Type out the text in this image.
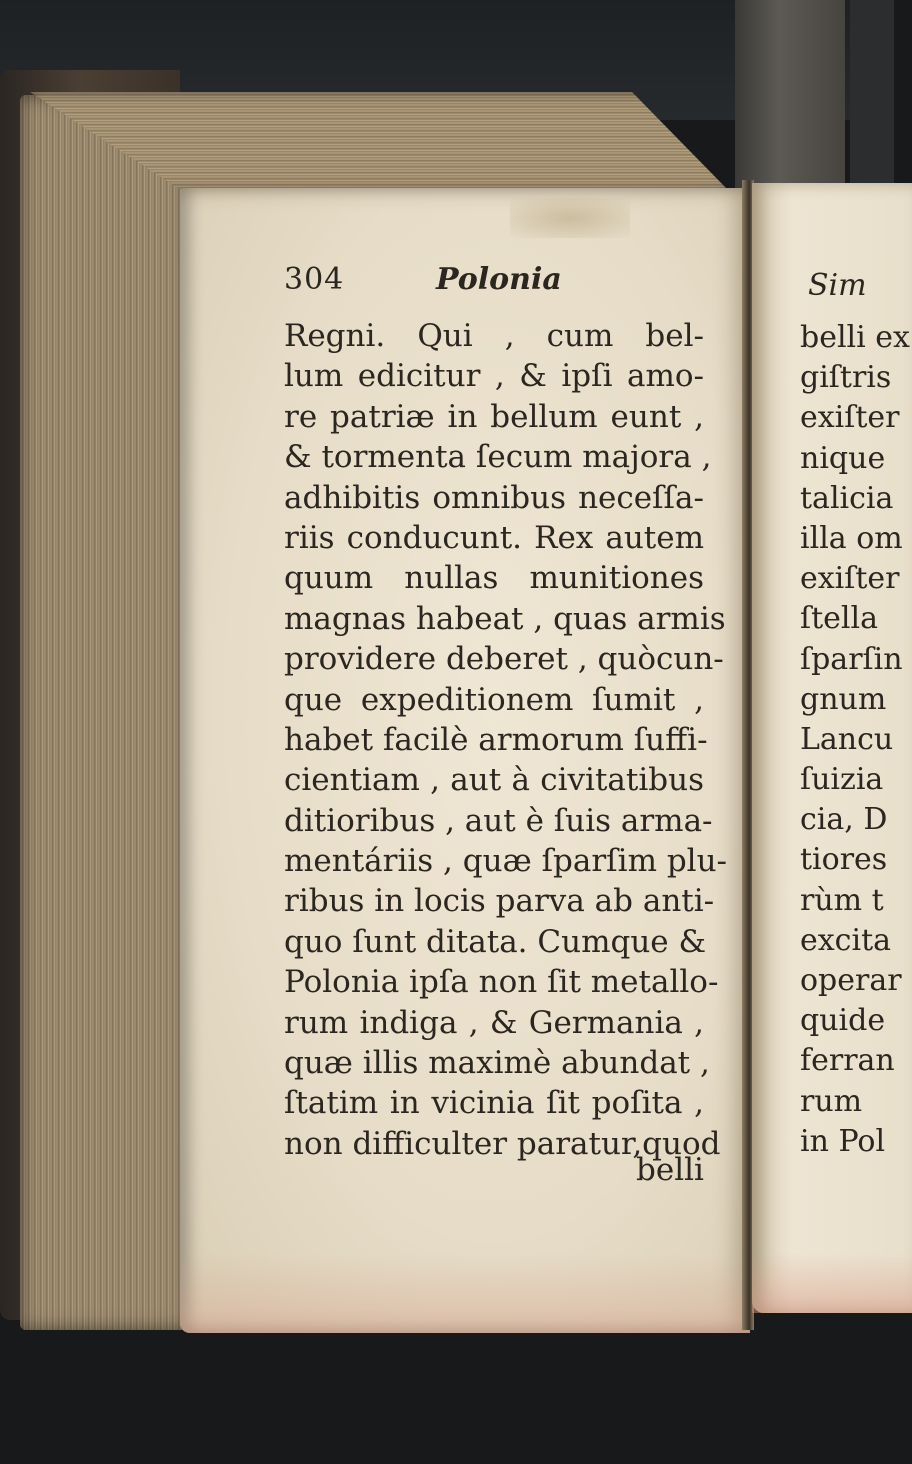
304	Polonia
Regni. Qui , cum bel-
lum edicitur , & ipſi amo-
re patriæ in bellum eunt ,
& tormenta ſecum majora ,
adhibitis omnibus neceſſa-
riis conducunt. Rex autem
quum nullas munitiones
magnas habeat , quas armis
providere deberet , quòcun-
que expeditionem ſumit ,
habet facilè armorum ſuffi-
cientiam , aut à civitatibus
ditioribus , aut è ſuis arma-
mentáriis , quæ ſparſim plu-
ribus in locis parva ab anti-
quo ſunt ditata. Cumque &
Polonia ipſa non ſit metallo-
rum indiga , & Germania ,
quæ illis maximè abundat ,
ſtatim in vicinia ſit poſita ,
non difficulter paratur,quod
belli
Sim
belli ex
giſtris
exiſter
nique
talicia
illa om
exiſter
ſtella
ſparſin
gnum
Lancu
ſuizia
cia, D
tiores
rùm t
excita
operar
quide
ferran
rum
in Pol
